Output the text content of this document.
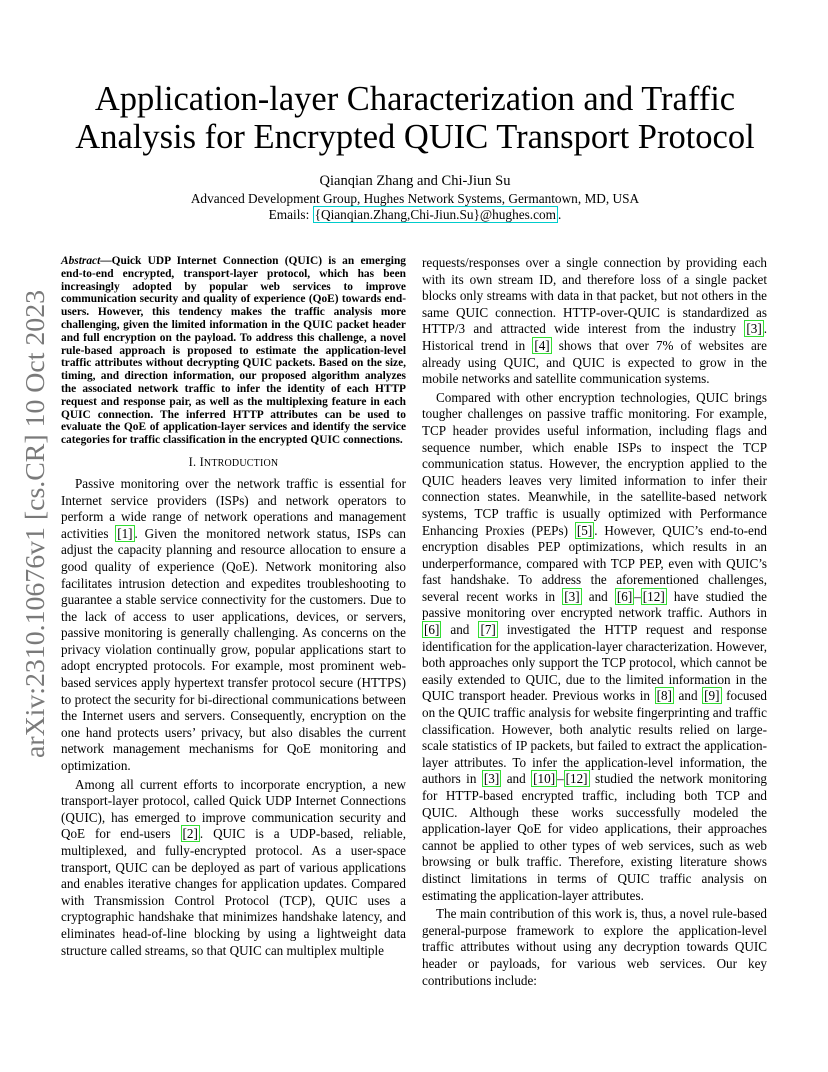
arXiv:2310.10676v1 [cs.CR] 10 Oct 2023
Application-layer Characterization and Traffic
Analysis for Encrypted QUIC Transport Protocol
Qianqian Zhang and Chi-Jiun Su
Advanced Development Group, Hughes Network Systems, Germantown, MD, USA
Emails: {Qianqian.Zhang,Chi-Jiun.Su}@hughes.com .

Abstract—Quick UDP Internet Connection (QUIC) is an emerging end-to-end encrypted, transport-layer protocol, which has been increasingly adopted by popular web services to improve communication security and quality of experience (QoE) towards end-users. However, this tendency makes the traffic analysis more challenging, given the limited information in the QUIC packet header and full encryption on the payload. To address this challenge, a novel rule-based approach is proposed to estimate the application-level traffic attributes without decrypting QUIC packets. Based on the size, timing, and direction information, our proposed algorithm analyzes the associated network traffic to infer the identity of each HTTP request and response pair, as well as the multiplexing feature in each QUIC connection. The inferred HTTP attributes can be used to evaluate the QoE of application-layer services and identify the service categories for traffic classification in the encrypted QUIC connections.

I. INTRODUCTION

Passive monitoring over the network traffic is essential for Internet service providers (ISPs) and network operators to perform a wide range of network operations and management activities [1] . Given the monitored network status, ISPs can adjust the capacity planning and resource allocation to ensure a good quality of experience (QoE). Network monitoring also facilitates intrusion detection and expedites troubleshooting to guarantee a stable service connectivity for the customers. Due to the lack of access to user applications, devices, or servers, passive monitoring is generally challenging. As concerns on the privacy violation continually grow, popular applications start to adopt encrypted protocols. For example, most prominent web-based services apply hypertext transfer protocol secure (HTTPS) to protect the security for bi-directional communications between the Internet users and servers. Consequently, encryption on the one hand protects users’ privacy, but also disables the current network management mechanisms for QoE monitoring and optimization.

Among all current efforts to incorporate encryption, a new transport-layer protocol, called Quick UDP Internet Connections (QUIC), has emerged to improve communication security and QoE for end-users [2] . QUIC is a UDP-based, reliable, multiplexed, and fully-encrypted protocol. As a user-space transport, QUIC can be deployed as part of various applications and enables iterative changes for application updates. Compared with Transmission Control Protocol (TCP), QUIC uses a cryptographic handshake that minimizes handshake latency, and eliminates head-of-line blocking by using a lightweight data structure called streams, so that QUIC can multiplex multiple

requests/responses over a single connection by providing each with its own stream ID, and therefore loss of a single packet blocks only streams with data in that packet, but not others in the same QUIC connection. HTTP-over-QUIC is standardized as HTTP/3 and attracted wide interest from the industry [3] . Historical trend in [4] shows that over 7% of websites are already using QUIC, and QUIC is expected to grow in the mobile networks and satellite communication systems.

Compared with other encryption technologies, QUIC brings tougher challenges on passive traffic monitoring. For example, TCP header provides useful information, including flags and sequence number, which enable ISPs to inspect the TCP communication status. However, the encryption applied to the QUIC headers leaves very limited information to infer their connection states. Meanwhile, in the satellite-based network systems, TCP traffic is usually optimized with Performance Enhancing Proxies (PEPs) [5] . However, QUIC’s end-to-end encryption disables PEP optimizations, which results in an underperformance, compared with TCP PEP, even with QUIC’s fast handshake. To address the aforementioned challenges, several recent works in [3] and [6] – [12] have studied the passive monitoring over encrypted network traffic. Authors in [6] and [7] investigated the HTTP request and response identification for the application-layer characterization. However, both approaches only support the TCP protocol, which cannot be easily extended to QUIC, due to the limited information in the QUIC transport header. Previous works in [8] and [9] focused on the QUIC traffic analysis for website fingerprinting and traffic classification. However, both analytic results relied on large-scale statistics of IP packets, but failed to extract the application-layer attributes. To infer the application-level information, the authors in [3] and [10] – [12] studied the network monitoring for HTTP-based encrypted traffic, including both TCP and QUIC. Although these works successfully modeled the application-layer QoE for video applications, their approaches cannot be applied to other types of web services, such as web browsing or bulk traffic. Therefore, existing literature shows distinct limitations in terms of QUIC traffic analysis on estimating the application-layer attributes.

The main contribution of this work is, thus, a novel rule-based general-purpose framework to explore the application-level traffic attributes without using any decryption towards QUIC header or payloads, for various web services. Our key contributions include:
